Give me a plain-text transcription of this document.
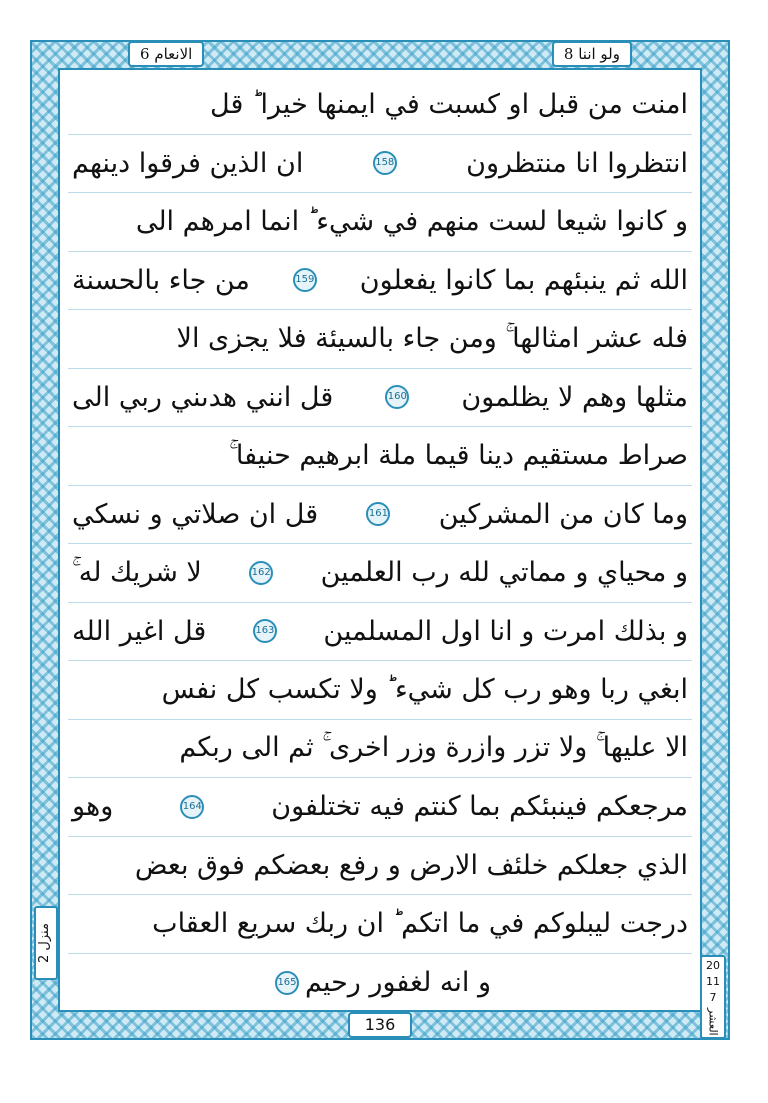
الانعام 6	ولو اننا 8
امنت من قبل او كسبت في ايمنها خيرا ؕ قل
انتظروا انا منتظرون
158
ان الذين فرقوا دينهم
و كانوا شيعا لست منهم في شيء ؕ انما امرهم الى
الله ثم ينبئهم بما كانوا يفعلون
159
من جاء بالحسنة
فله عشر امثالها ۚ ومن جاء بالسيئة فلا يجزى الا
مثلها وهم لا يظلمون
160
قل انني هدىني ربي الى
صراط مستقيم دينا قيما ملة ابرهيم حنيفا ۚ
وما كان من المشركين
161
قل ان صلاتي و نسكي
و محياي و مماتي لله رب العلمين
162
لا شريك له ۚ
و بذلك امرت و انا اول المسلمين
163
قل اغير الله
ابغي ربا وهو رب كل شيء ؕ ولا تكسب كل نفس
الا عليها ۚ ولا تزر وازرة وزر اخرى ۚ ثم الى ربكم
مرجعكم فينبئكم بما كنتم فيه تختلفون
164
وهو
الذي جعلكم خلئف الارض و رفع بعضكم فوق بعض
درجت ليبلوكم في ما اتكم ؕ ان ربك سريع العقاب
و انه لغفور رحيم
165
منزل 2
20
11
7
العشر
136
